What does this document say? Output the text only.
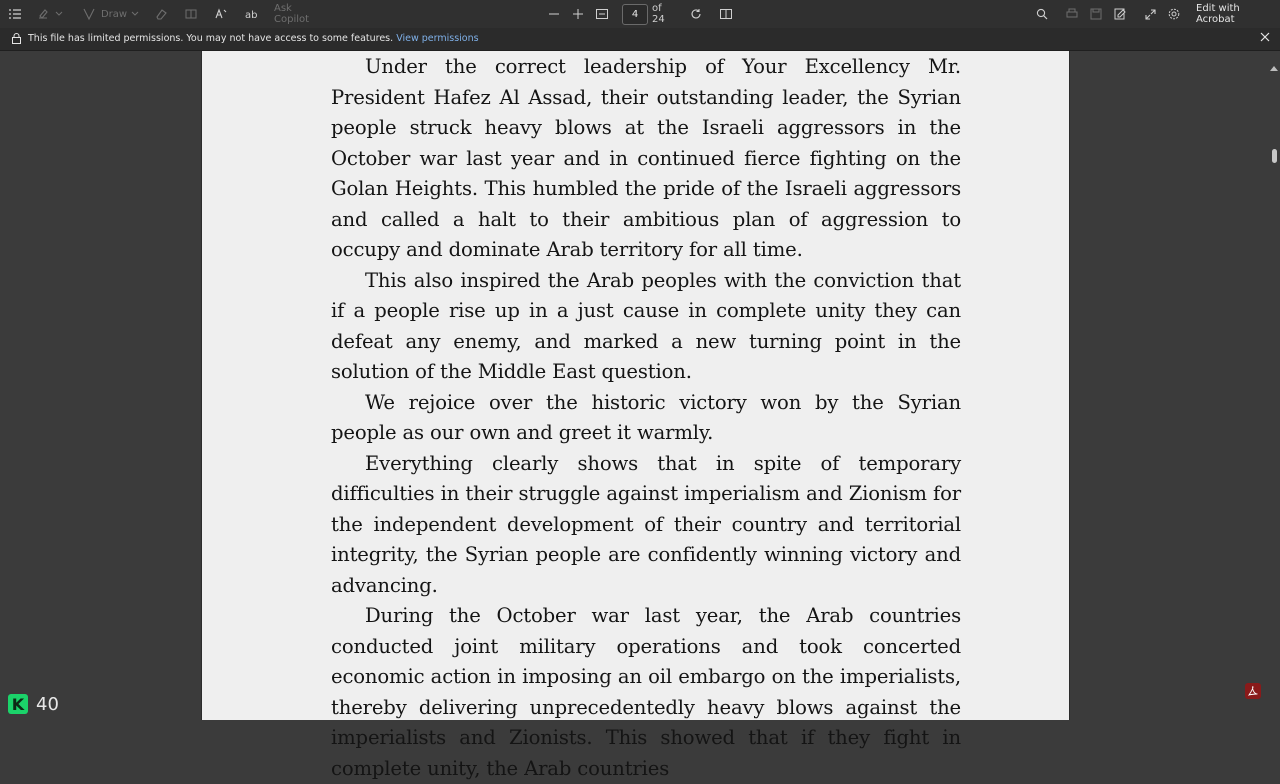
Draw	ab
Ask Copilot	4
of 24
Edit with Acrobat
This file has limited permissions. You may not have access to some features. View permissions

Under the correct leadership of Your Excellency Mr. President Hafez Al Assad, their outstanding leader, the Syrian people struck heavy blows at the Israeli aggressors in the October war last year and in continued fierce fighting on the Golan Heights. This humbled the pride of the Israeli aggressors and called a halt to their ambitious plan of aggression to occupy and dominate Arab territory for all time.

This also inspired the Arab peoples with the conviction that if a people rise up in a just cause in complete unity they can defeat any enemy, and marked a new turning point in the solution of the Middle East question.

We rejoice over the historic victory won by the Syrian people as our own and greet it warmly.

Everything clearly shows that in spite of temporary difficulties in their struggle against imperialism and Zionism for the independent development of their country and territorial integrity, the Syrian people are confidently winning victory and advancing.

During the October war last year, the Arab countries conducted joint military operations and took concerted economic action in imposing an oil embargo on the imperialists, thereby delivering unprecedentedly heavy blows against the imperialists and Zionists. This showed that if they fight in complete unity, the Arab countries

K 40
